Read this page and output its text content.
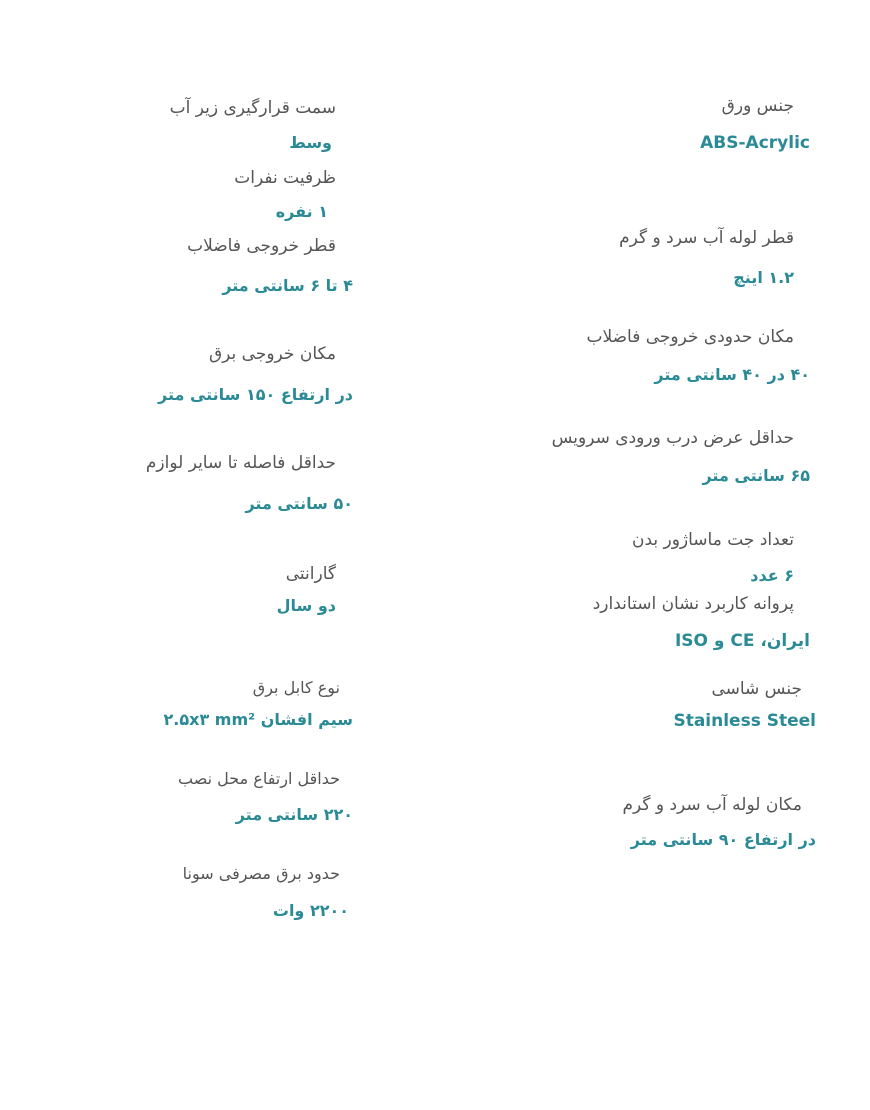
جنس ورق
ABS-Acrylic
قطر لوله آب سرد و گرم
۱.۲ اینچ
مکان حدودی خروجی فاضلاب
۴۰ در ۴۰ سانتی متر
حداقل عرض درب ورودی سرویس
۶۵ سانتی متر
تعداد جت ماساژور بدن
۶ عدد
پروانه کاربرد نشان استاندارد
ایران، CE و ISO
جنس شاسی
Stainless Steel
مکان لوله آب سرد و گرم
در ارتفاع ۹۰ سانتی متر
سمت قرارگیری زیر آب
وسط
ظرفیت نفرات
۱ نفره
قطر خروجی فاضلاب
۴ تا ۶ سانتی متر
مکان خروجی برق
در ارتفاع ۱۵۰ سانتی متر
حداقل فاصله تا سایر لوازم
۵۰ سانتی متر
گارانتی
دو سال
نوع کابل برق
سیم افشان ۲.۵x۳ mm²
حداقل ارتفاع محل نصب
۲۲۰ سانتی متر
حدود برق مصرفی سونا
۲۲۰۰ وات
